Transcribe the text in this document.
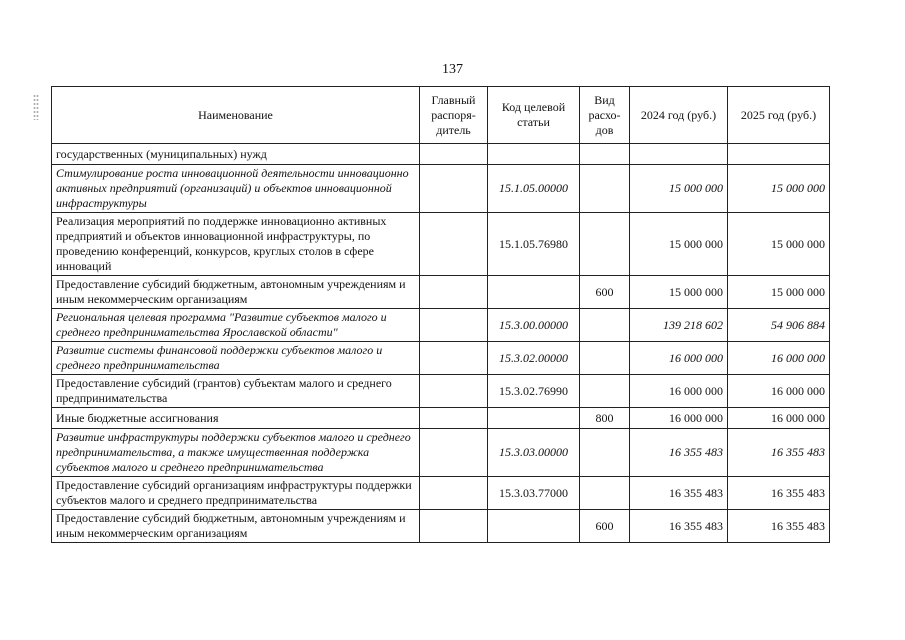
137
Наименование	Главный распоря-дитель	Код целевой статьи	Вид расхо-дов	2024 год (руб.)	2025 год (руб.)
государственных (муниципальных) нужд					
Стимулирование роста инновационной деятельности инновационно активных предприятий (организаций) и объектов инновационной инфраструктуры		15.1.05.00000		15 000 000	15 000 000
Реализация мероприятий по поддержке инновационно активных предприятий и объектов инновационной инфраструктуры, по проведению конференций, конкурсов, круглых столов в сфере инноваций		15.1.05.76980		15 000 000	15 000 000
Предоставление субсидий бюджетным, автономным учреждениям и иным некоммерческим организациям			600	15 000 000	15 000 000
Региональная целевая программа "Развитие субъектов малого и среднего предпринимательства Ярославской области"		15.3.00.00000		139 218 602	54 906 884
Развитие системы финансовой поддержки субъектов малого и среднего предпринимательства		15.3.02.00000		16 000 000	16 000 000
Предоставление субсидий (грантов) субъектам малого и среднего предпринимательства		15.3.02.76990		16 000 000	16 000 000
Иные бюджетные ассигнования			800	16 000 000	16 000 000
Развитие инфраструктуры поддержки субъектов малого и среднего предпринимательства, а также имущественная поддержка субъектов малого и среднего предпринимательства		15.3.03.00000		16 355 483	16 355 483
Предоставление субсидий организациям инфраструктуры поддержки субъектов малого и среднего предпринимательства		15.3.03.77000		16 355 483	16 355 483
Предоставление субсидий бюджетным, автономным учреждениям и иным некоммерческим организациям			600	16 355 483	16 355 483
